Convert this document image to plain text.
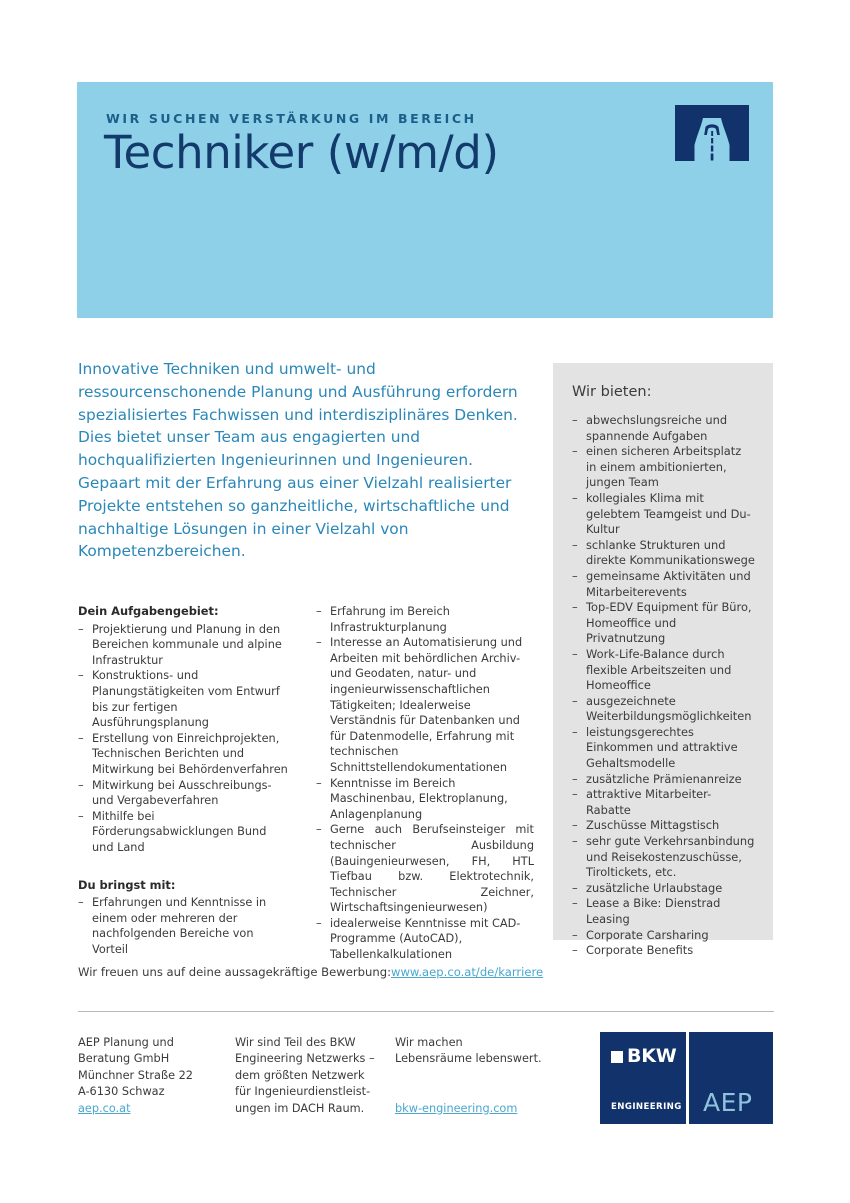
WIR SUCHEN VERSTÄRKUNG IM BEREICH
Techniker (w/m/d)

Innovative Techniken und umwelt- und ressourcenschonende Planung und Ausführung erfordern spezialisiertes Fachwissen und interdisziplinäres Denken. Dies bietet unser Team aus engagierten und hochqualifizierten Ingenieurinnen und Ingenieuren. Gepaart mit der Erfahrung aus einer Vielzahl realisierter Projekte entstehen so ganzheitliche, wirtschaftliche und nachhaltige Lösungen in einer Vielzahl von Kompetenzbereichen.

Wir bieten:
– abwechslungsreiche und spannende Aufgaben
– einen sicheren Arbeitsplatz in einem ambitionierten, jungen Team
– kollegiales Klima mit gelebtem Teamgeist und Du-Kultur
– schlanke Strukturen und direkte Kommunikationswege
– gemeinsame Aktivitäten und Mitarbeiterevents
– Top-EDV Equipment für Büro, Homeoffice und Privatnutzung
– Work-Life-Balance durch flexible Arbeitszeiten und Homeoffice
– ausgezeichnete Weiterbildungsmöglichkeiten
– leistungsgerechtes Einkommen und attraktive Gehaltsmodelle
– zusätzliche Prämienanreize
– attraktive Mitarbeiter-Rabatte
– Zuschüsse Mittagstisch
– sehr gute Verkehrsanbindung und Reisekostenzuschüsse, Tiroltickets, etc.
– zusätzliche Urlaubstage
– Lease a Bike: Dienstrad Leasing
– Corporate Carsharing
– Corporate Benefits
Dein Aufgabengebiet:
– Projektierung und Planung in den Bereichen kommunale und alpine Infrastruktur
– Konstruktions- und Planungstätigkeiten vom Entwurf bis zur fertigen Ausführungsplanung
– Erstellung von Einreichprojekten, Technischen Berichten und Mitwirkung bei Behördenverfahren
– Mitwirkung bei Ausschreibungs- und Vergabeverfahren
– Mithilfe bei Förderungsabwicklungen Bund und Land
Du bringst mit:
– Erfahrungen und Kenntnisse in einem oder mehreren der nachfolgenden Bereiche von Vorteil
– Erfahrung im Bereich Infrastrukturplanung
– Interesse an Automatisierung und Arbeiten mit behördlichen Archiv- und Geodaten, natur- und ingenieurwissenschaftlichen Tätigkeiten; Idealerweise Verständnis für Datenbanken und für Datenmodelle, Erfahrung mit technischen Schnittstellendokumentationen
– Kenntnisse im Bereich Maschinenbau, Elektroplanung, Anlagenplanung
– Gerne auch Berufseinsteiger mit technischer Ausbildung (Bauingenieurwesen, FH, HTL Tiefbau bzw. Elektrotechnik, Technischer Zeichner, Wirtschaftsingenieurwesen)
– idealerweise Kenntnisse mit CAD-Programme (AutoCAD), Tabellenkalkulationen
Wir freuen uns auf deine aussagekräftige Bewerbung:www.aep.co.at/de/karriere
AEP Planung und
Beratung GmbH
Münchner Straße 22
A-6130 Schwaz
aep.co.at
Wir sind Teil des BKW
Engineering Netzwerks –
dem größten Netzwerk
für Ingenieurdienstleist-
ungen im DACH Raum.
Wir machen
Lebensräume lebenswert.
bkw-engineering.com
BKW
ENGINEERING AEP
